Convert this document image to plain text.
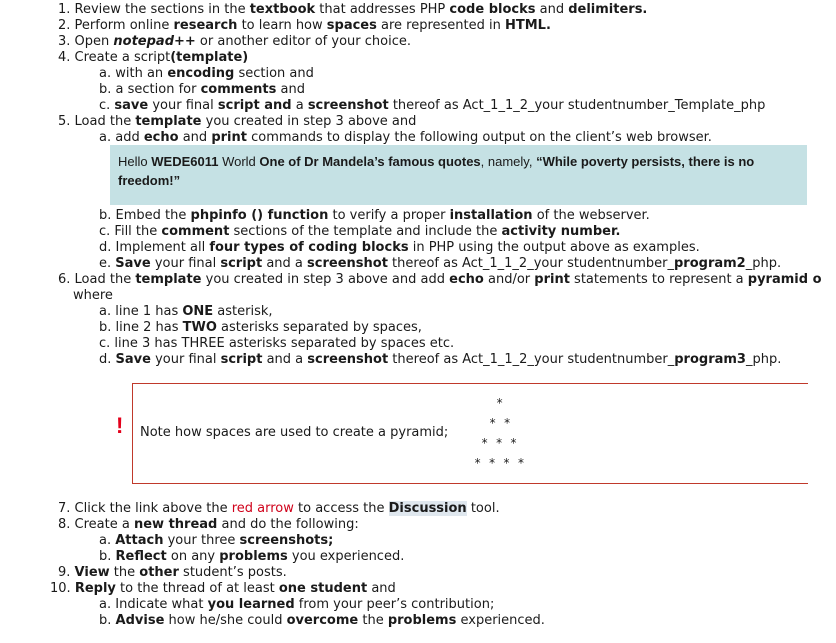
1. Review the sections in the textbook that addresses PHP code blocks and delimiters.
2. Perform online research to learn how spaces are represented in HTML.
3. Open notepad++ or another editor of your choice.
4. Create a script(template)
a. with an encoding section and
b. a section for comments and
c. save your final script and a screenshot thereof as Act_1_1_2_your studentnumber_Template_php
5. Load the template you created in step 3 above and
a. add echo and print commands to display the following output on the client’s web browser.
Hello WEDE6011 World One of Dr Mandela’s famous quotes, namely, “While poverty persists, there is no freedom!”
b. Embed the phpinfo () function to verify a proper installation of the webserver.
c. Fill the comment sections of the template and include the activity number.
d. Implement all four types of coding blocks in PHP using the output above as examples.
e. Save your final script and a screenshot thereof as Act_1_1_2_your studentnumber_program2_php.
6. Load the template you created in step 3 above and add echo and/or print statements to represent a pyramid o
where
a. line 1 has ONE asterisk,
b. line 2 has TWO asterisks separated by spaces,
c. line 3 has THREE asterisks separated by spaces etc.
d. Save your final script and a screenshot thereof as Act_1_1_2_your studentnumber_program3_php.
! Note how spaces are used to create a pyramid;
*
* *
* * *
* * * *
7. Click the link above the red arrow to access the Discussion tool.
8. Create a new thread and do the following:
a. Attach your three screenshots;
b. Reflect on any problems you experienced.
9. View the other student’s posts.
10. Reply to the thread of at least one student and
a. Indicate what you learned from your peer’s contribution;
b. Advise how he/she could overcome the problems experienced.
